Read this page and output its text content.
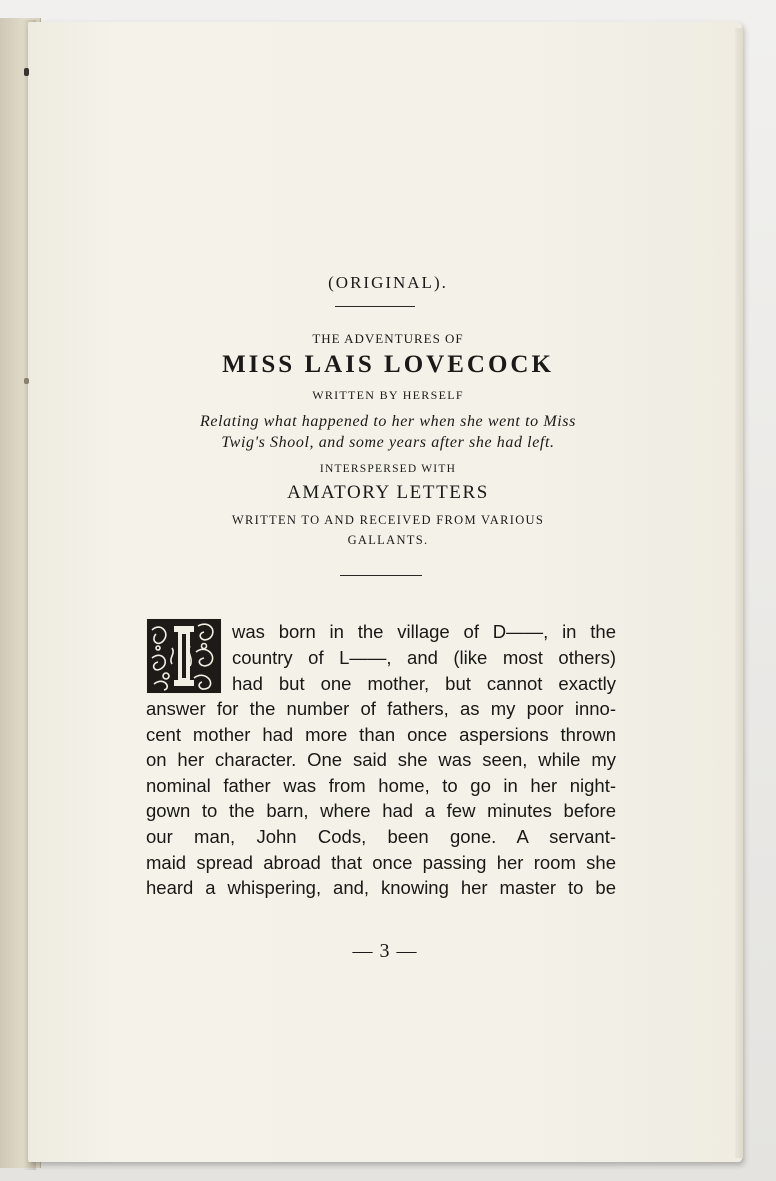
(ORIGINAL).
THE ADVENTURES OF
MISS LAIS LOVECOCK
WRITTEN BY HERSELF
Relating what happened to her when she went to Miss
Twig's Shool, and some years after she had left.
INTERSPERSED WITH
AMATORY LETTERS
WRITTEN TO AND RECEIVED FROM VARIOUS
GALLANTS.
was born in the village of D——, in the
country of L——, and (like most others)
had but one mother, but cannot exactly
answer for the number of fathers, as my poor inno-
cent mother had more than once aspersions thrown
on her character. One said she was seen, while my
nominal father was from home, to go in her night-
gown to the barn, where had a few minutes before
our man, John Cods, been gone. A servant-
maid spread abroad that once passing her room she
heard a whispering, and, knowing her master to be
— 3 —
